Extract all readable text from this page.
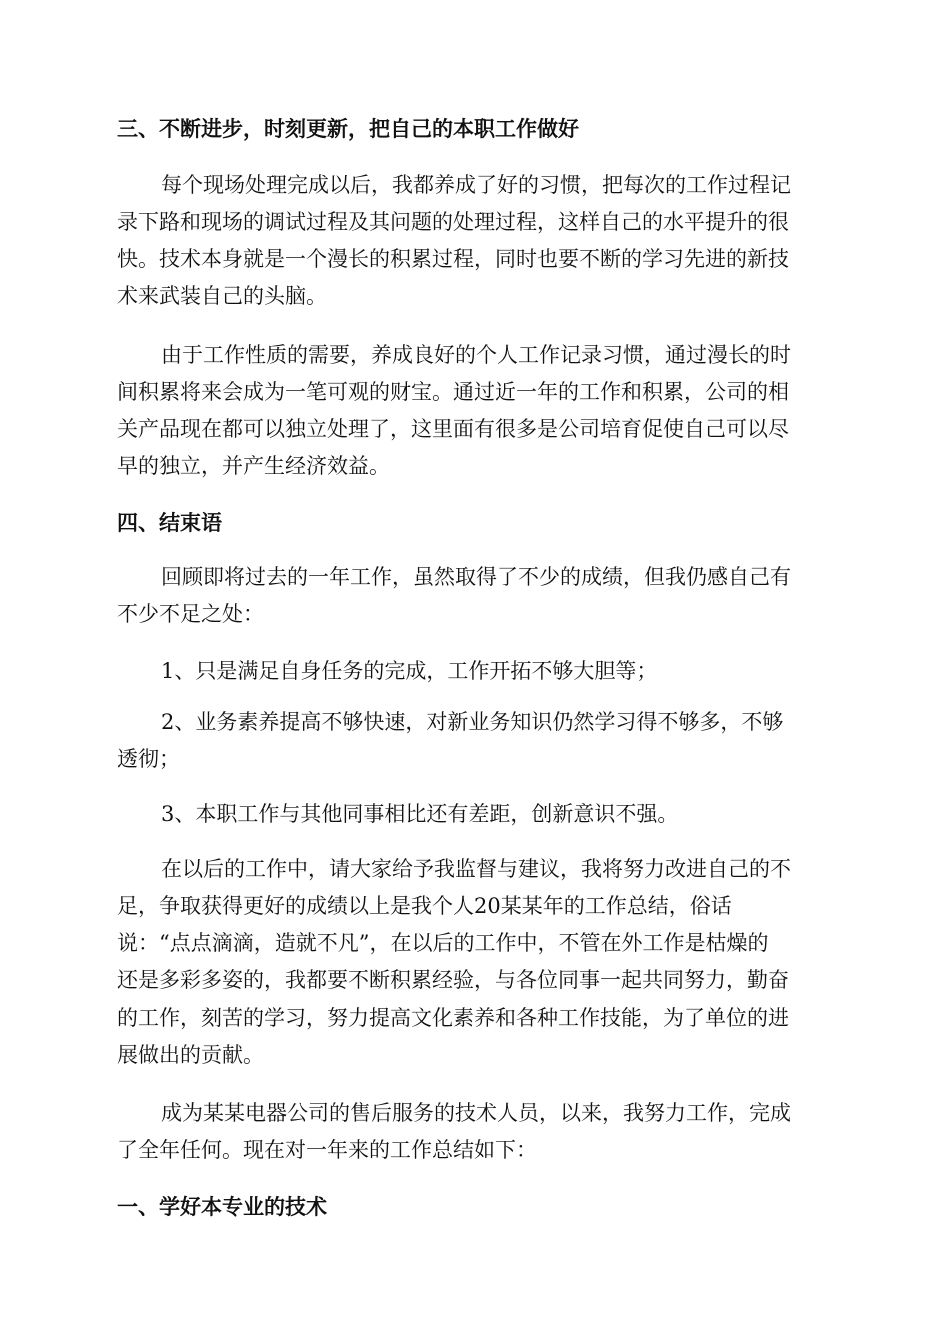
三、不断进步，时刻更新，把自己的本职工作做好
每个现场处理完成以后，我都养成了好的习惯，把每次的工作过程记
录下路和现场的调试过程及其问题的处理过程，这样自己的水平提升的很
快。技术本身就是一个漫长的积累过程，同时也要不断的学习先进的新技
术来武装自己的头脑。
由于工作性质的需要，养成良好的个人工作记录习惯，通过漫长的时
间积累将来会成为一笔可观的财宝。通过近一年的工作和积累，公司的相
关产品现在都可以独立处理了，这里面有很多是公司培育促使自己可以尽
早的独立，并产生经济效益。
四、结束语
回顾即将过去的一年工作，虽然取得了不少的成绩，但我仍感自己有
不少不足之处：
1、只是满足自身任务的完成，工作开拓不够大胆等；
2、业务素养提高不够快速，对新业务知识仍然学习得不够多，不够
透彻；
3、本职工作与其他同事相比还有差距，创新意识不强。
在以后的工作中，请大家给予我监督与建议，我将努力改进自己的不
足，争取获得更好的成绩以上是我个人20某某年的工作总结，俗话
说：“点点滴滴，造就不凡”，在以后的工作中，不管在外工作是枯燥的
还是多彩多姿的，我都要不断积累经验，与各位同事一起共同努力，勤奋
的工作，刻苦的学习，努力提高文化素养和各种工作技能，为了单位的进
展做出的贡献。
成为某某电器公司的售后服务的技术人员，以来，我努力工作，完成
了全年任何。现在对一年来的工作总结如下：
一、学好本专业的技术
